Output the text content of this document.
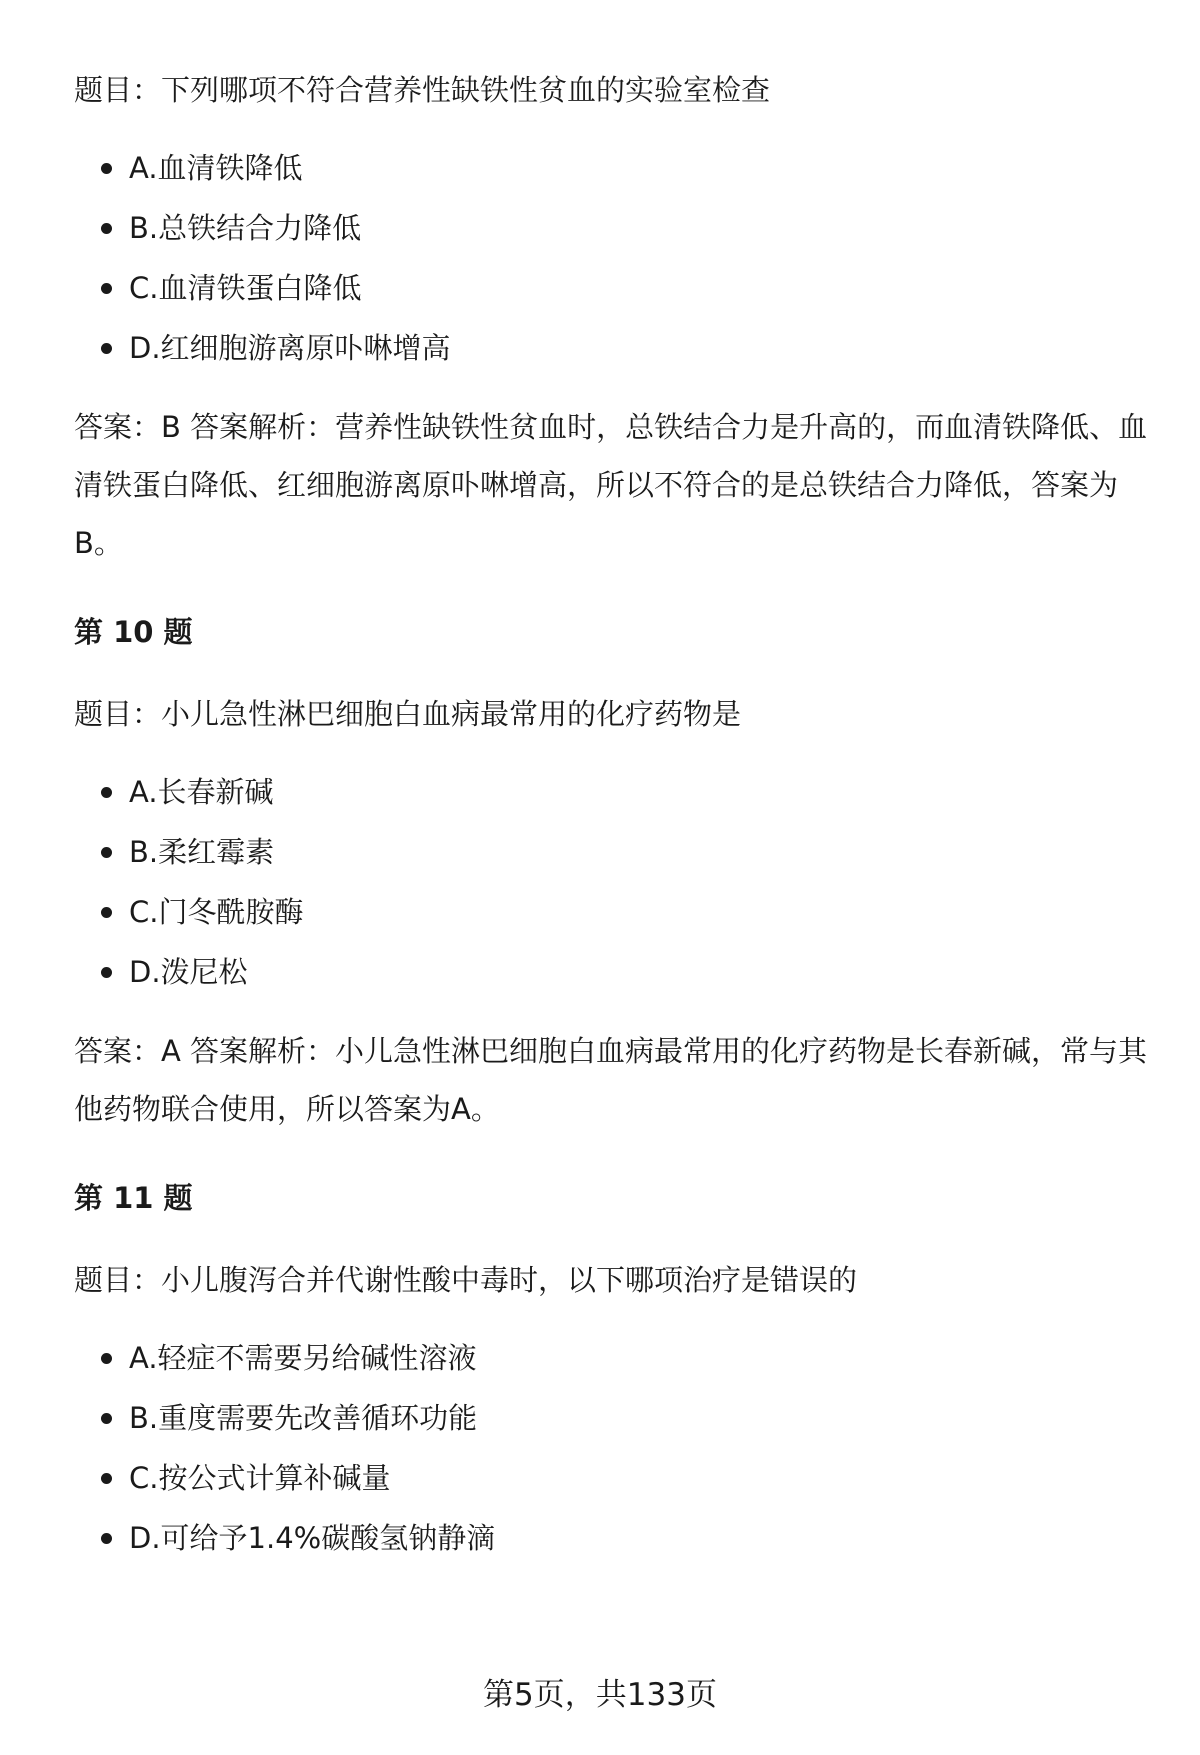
题目：下列哪项不符合营养性缺铁性贫血的实验室检查

A.血清铁降低
B.总铁结合力降低
C.血清铁蛋白降低
D.红细胞游离原卟啉增高

答案：B 答案解析：营养性缺铁性贫血时，总铁结合力是升高的，而血清铁降低、血清铁蛋白降低、红细胞游离原卟啉增高，所以不符合的是总铁结合力降低，答案为B。

第 10 题

题目：小儿急性淋巴细胞白血病最常用的化疗药物是

A.长春新碱
B.柔红霉素
C.门冬酰胺酶
D.泼尼松

答案：A 答案解析：小儿急性淋巴细胞白血病最常用的化疗药物是长春新碱，常与其他药物联合使用，所以答案为A。

第 11 题

题目：小儿腹泻合并代谢性酸中毒时，以下哪项治疗是错误的

A.轻症不需要另给碱性溶液
B.重度需要先改善循环功能
C.按公式计算补碱量
D.可给予1.4%碳酸氢钠静滴
第5页，共133页
